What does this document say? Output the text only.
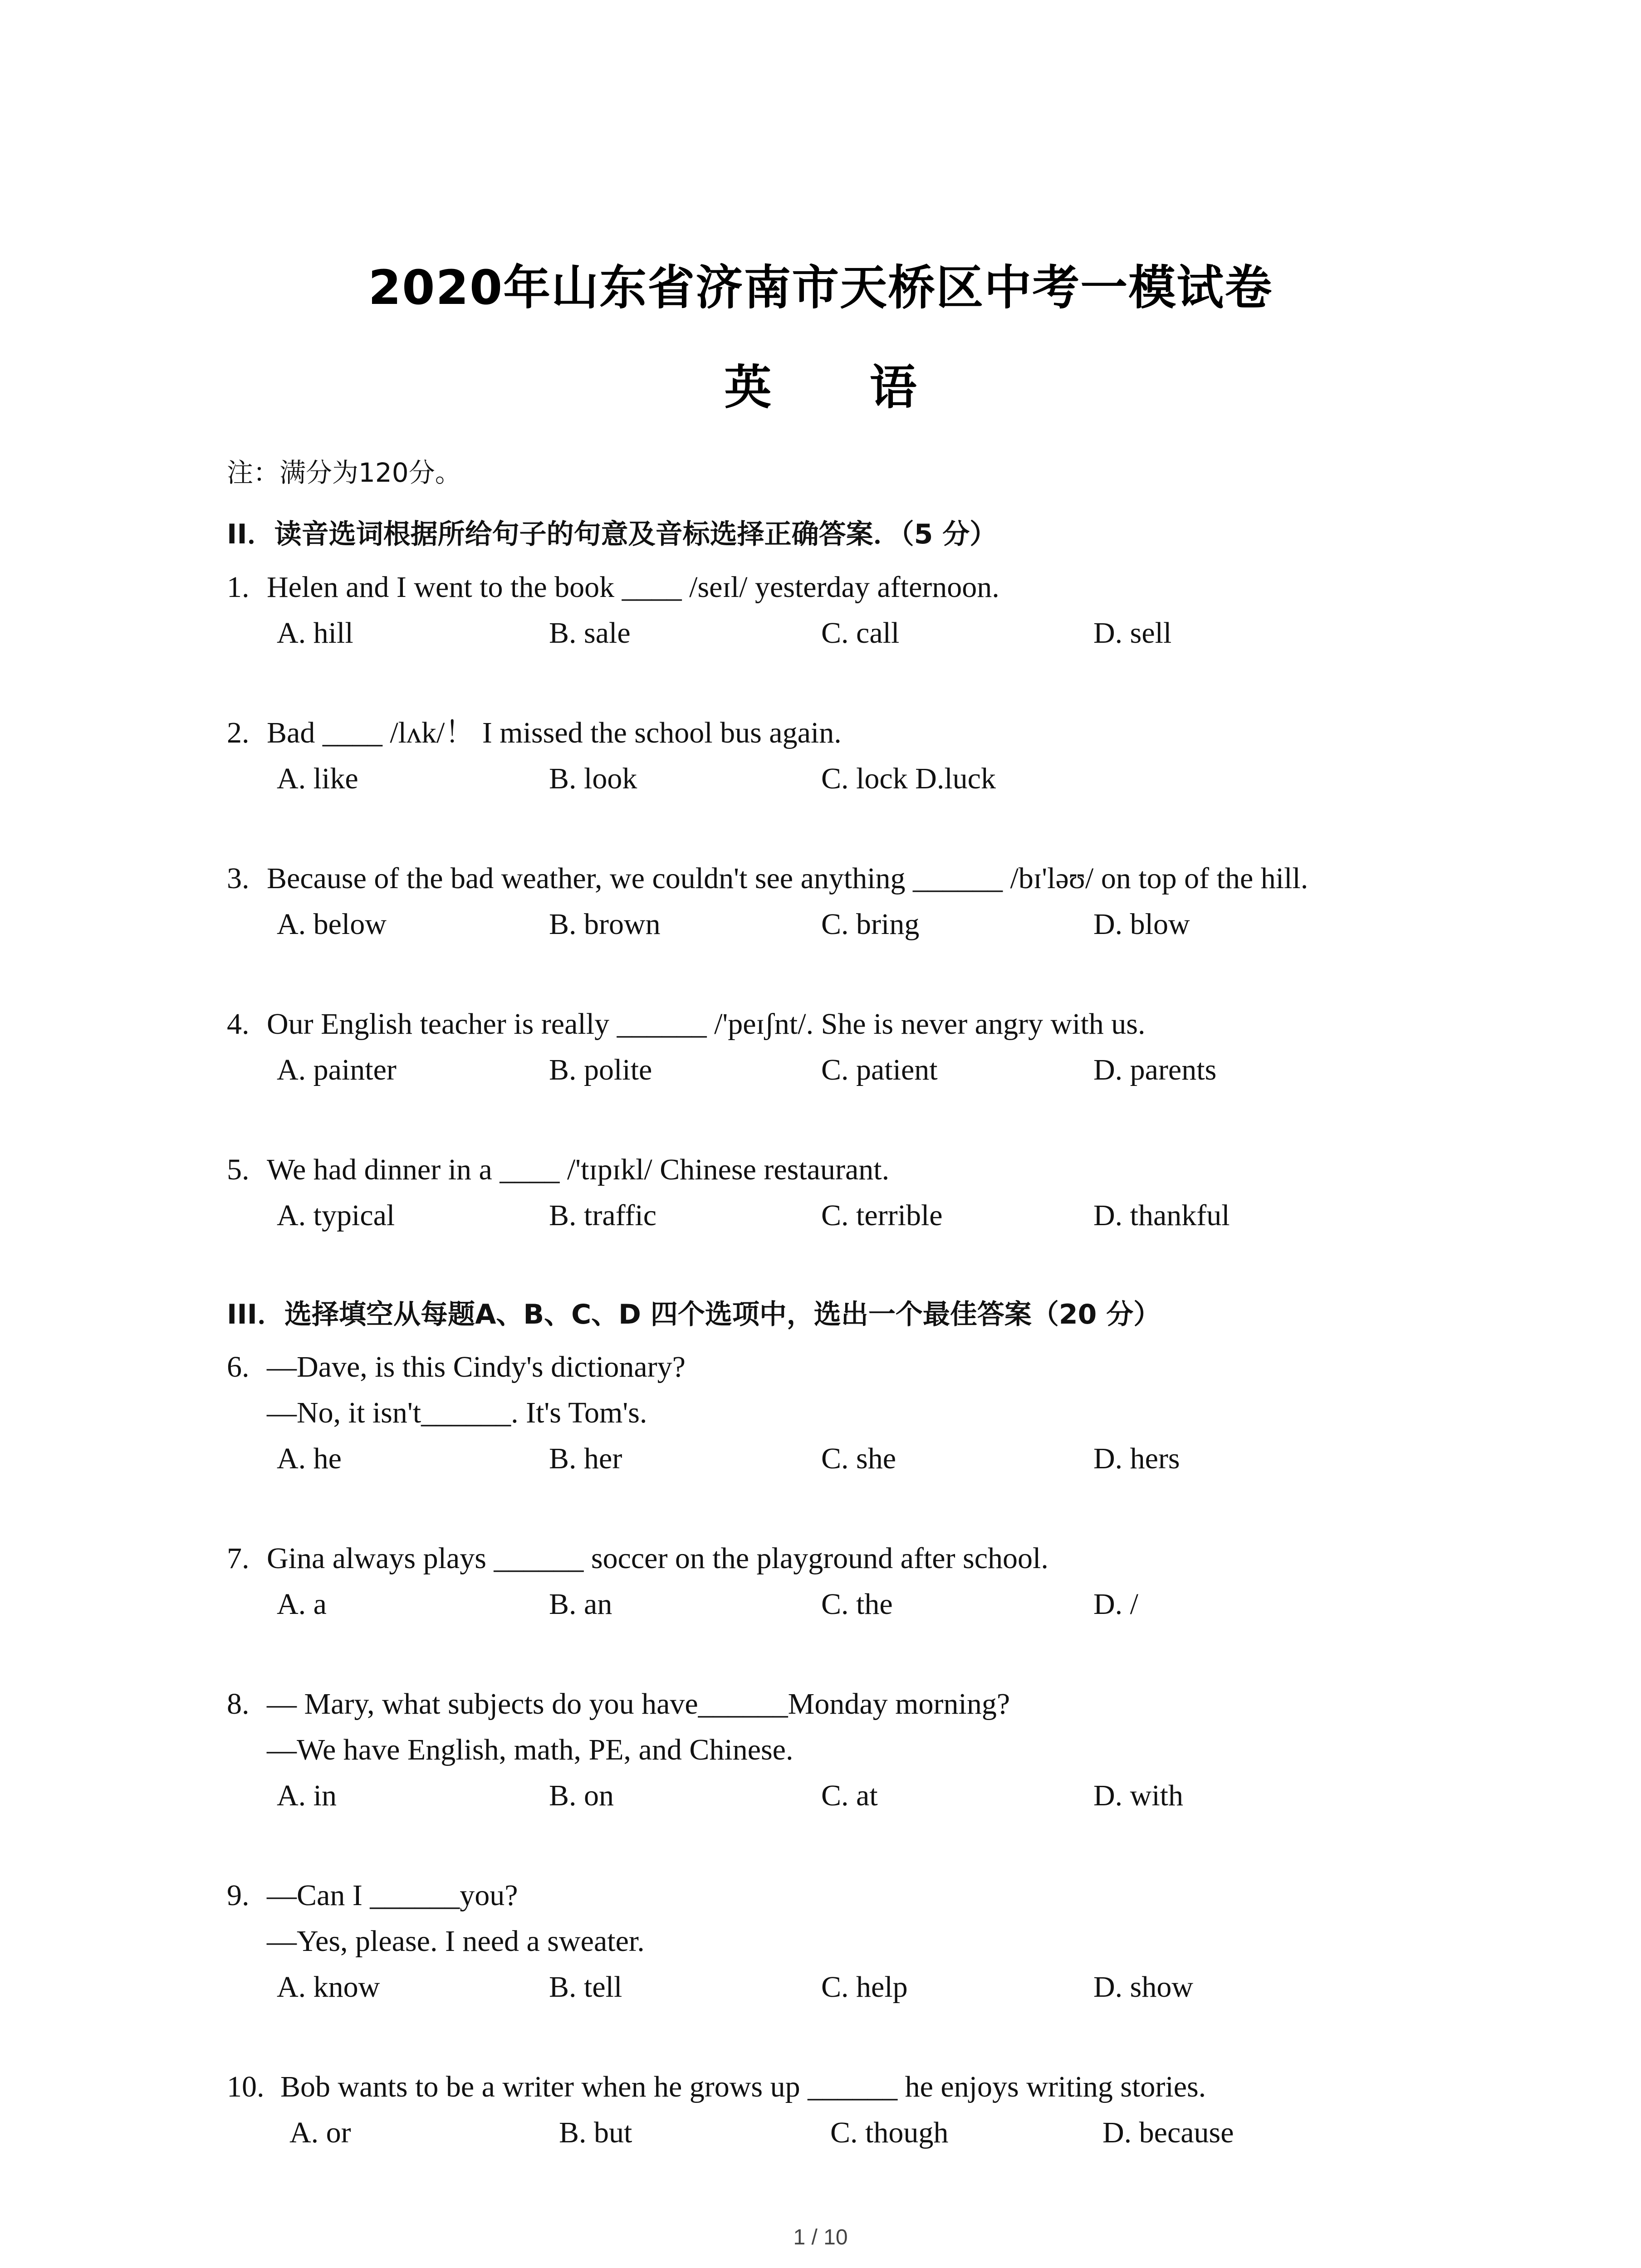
2020年山东省济南市天桥区中考一模试卷
英 语
注：满分为120分。
II．读音选词根据所给句子的句意及音标选择正确答案．（5 分）
1. Helen and I went to the book ____ /seɪl/ yesterday afternoon.
A. hill	B. sale	C. call	D. sell
2. Bad ____ /lʌk/！ I missed the school bus again.
A. like	B. look	C. lock D.luck
3. Because of the bad weather, we couldn't see anything ______ /bɪ'ləʊ/ on top of the hill.
A. below	B. brown	C. bring	D. blow
4. Our English teacher is really ______ /'peɪʃnt/. She is never angry with us.
A. painter	B. polite	C. patient	D. parents
5. We had dinner in a ____ /'tɪpɪkl/ Chinese restaurant.
A. typical	B. traffic	C. terrible	D. thankful
III．选择填空从每题A、B、C、D 四个选项中，选出一个最佳答案（20 分）
6. —Dave, is this Cindy's dictionary?
—No, it isn't______. It's Tom's.
A. he	B. her	C. she	D. hers
7. Gina always plays ______ soccer on the playground after school.
A. a	B. an	C. the	D. /
8. — Mary, what subjects do you have______Monday morning?
—We have English, math, PE, and Chinese.
A. in	B. on	C. at	D. with
9. —Can I ______you?
—Yes, please. I need a sweater.
A. know	B. tell	C. help	D. show
10. Bob wants to be a writer when he grows up ______ he enjoys writing stories.
A. or	B. but	C. though	D. because
1 / 10
